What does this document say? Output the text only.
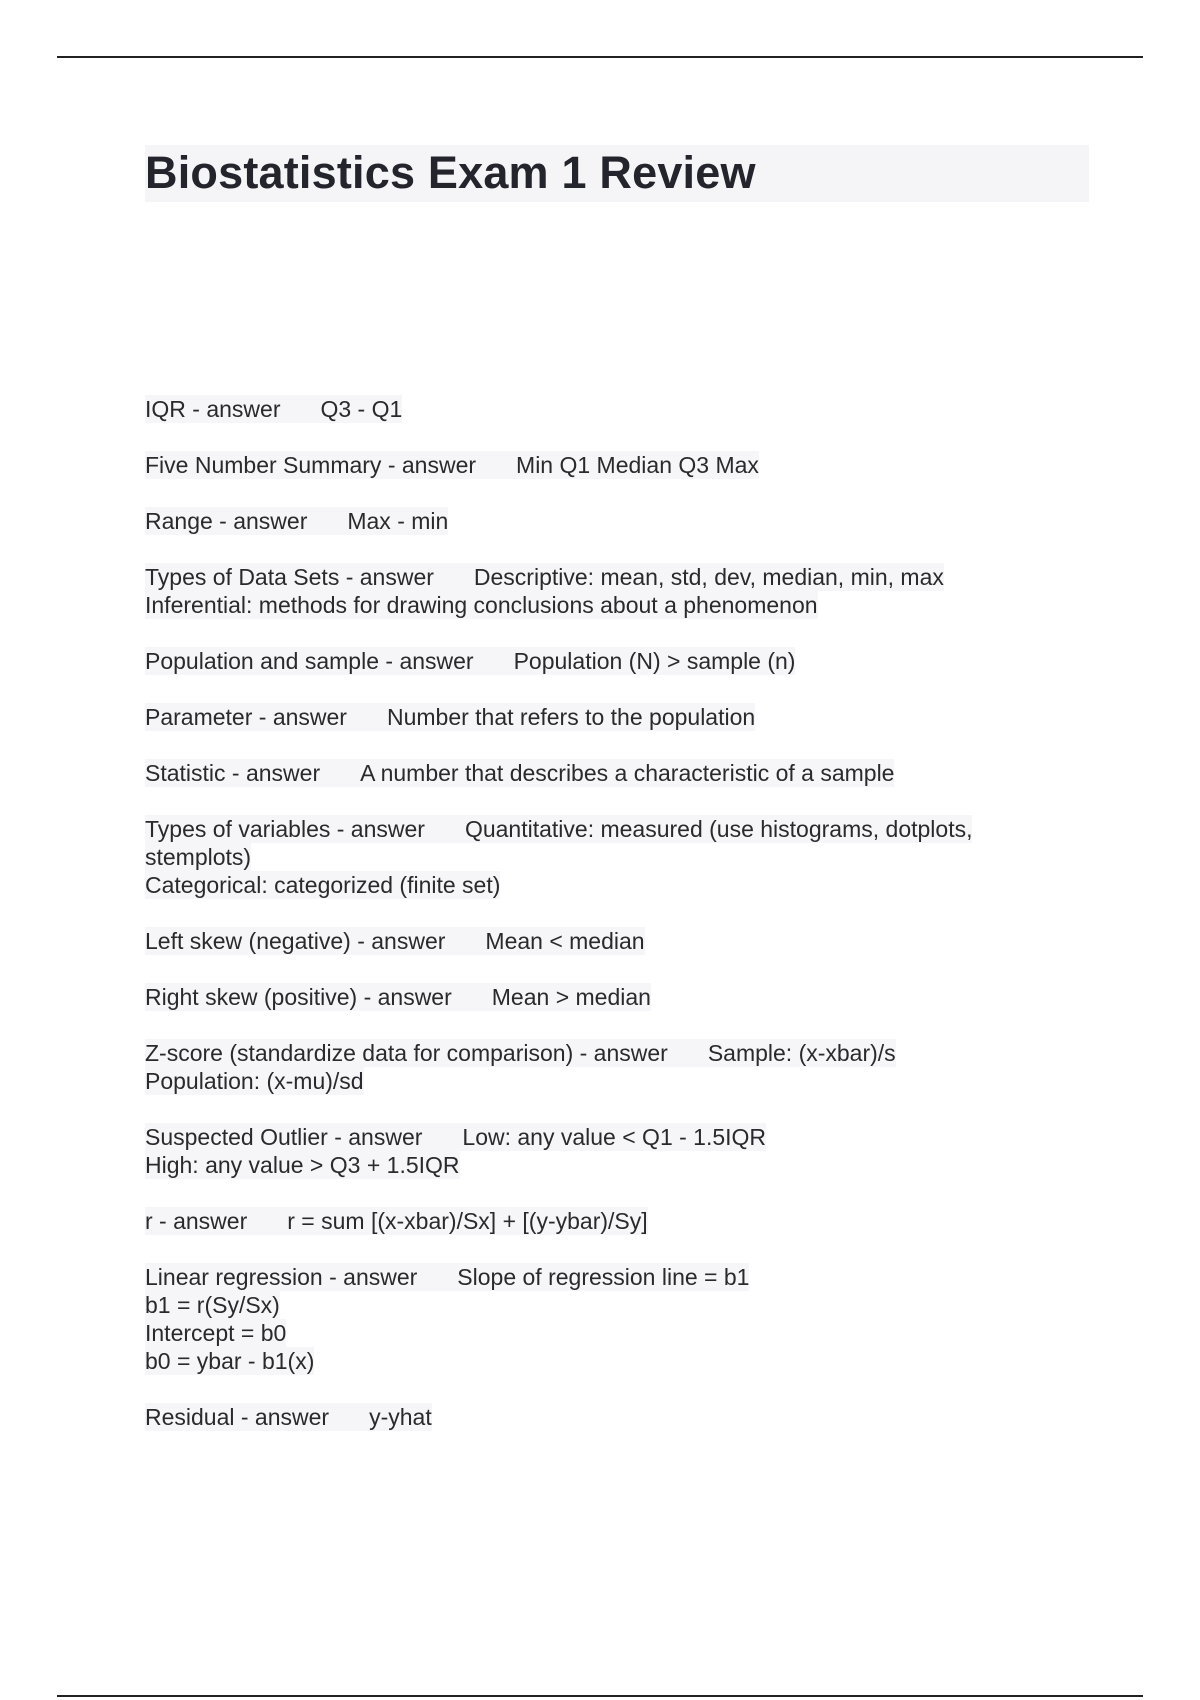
Biostatistics Exam 1 Review
IQR - answer Q3 - Q1
Five Number Summary - answer Min Q1 Median Q3 Max
Range - answer Max - min
Types of Data Sets - answer Descriptive: mean, std, dev, median, min, max
Inferential: methods for drawing conclusions about a phenomenon
Population and sample - answer Population (N) > sample (n)
Parameter - answer Number that refers to the population
Statistic - answer A number that describes a characteristic of a sample
Types of variables - answer Quantitative: measured (use histograms, dotplots,
stemplots)
Categorical: categorized (finite set)
Left skew (negative) - answer Mean < median
Right skew (positive) - answer Mean > median
Z-score (standardize data for comparison) - answer Sample: (x-xbar)/s
Population: (x-mu)/sd
Suspected Outlier - answer Low: any value < Q1 - 1.5IQR
High: any value > Q3 + 1.5IQR
r - answer r = sum [(x-xbar)/Sx] + [(y-ybar)/Sy]
Linear regression - answer Slope of regression line = b1
b1 = r(Sy/Sx)
Intercept = b0
b0 = ybar - b1(x)
Residual - answer y-yhat
